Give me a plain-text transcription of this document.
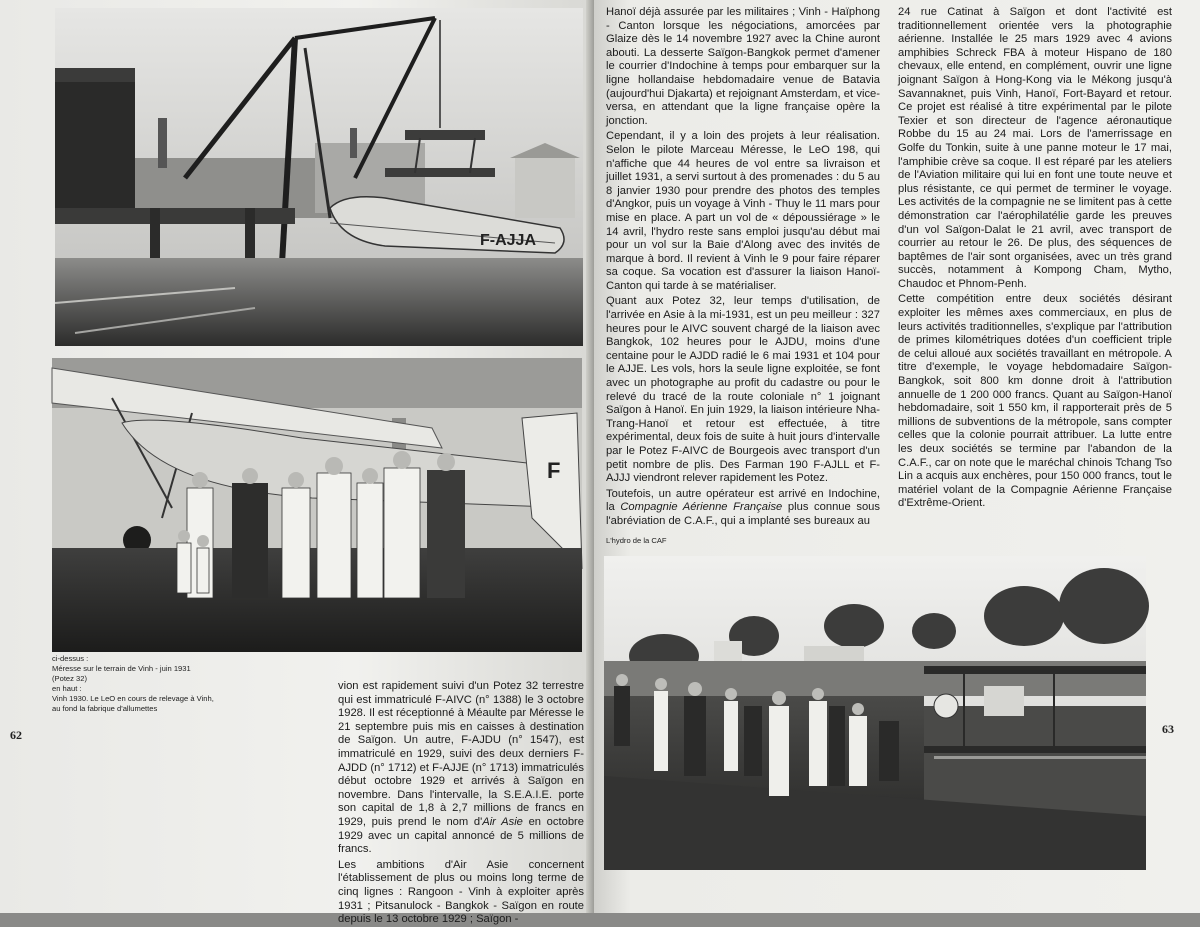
F-AJJA
F
ci-dessus :
Méresse sur le terrain de Vinh - juin 1931 (Potez 32)
en haut :
Vinh 1930. Le LeO en cours de relevage à Vinh,
au fond la fabrique d'allumettes
62

vion est rapidement suivi d'un Potez 32 terrestre qui est immatriculé F-AIVC (n° 1388) le 3 octobre 1928. Il est réceptionné à Méaulte par Méresse le 21 septembre puis mis en caisses à destination de Saïgon. Un autre, F-AJDU (n° 1547), est immatriculé en 1929, suivi des deux derniers F-AJDD (n° 1712) et F-AJJE (n° 1713) immatriculés début octobre 1929 et arrivés à Saïgon en novembre. Dans l'intervalle, la S.E.A.I.E. porte son capital de 1,8 à 2,7 millions de francs en 1929, puis prend le nom d'Air Asie en octobre 1929 avec un capital annoncé de 5 millions de francs.

Les ambitions d'Air Asie concernent l'établissement de plus ou moins long terme de cinq lignes : Rangoon - Vinh à exploiter après 1931 ; Pitsanulock - Bangkok - Saïgon en route depuis le 13 octobre 1929 ; Saïgon -

Hanoï déjà assurée par les militaires ; Vinh - Haïphong - Canton lorsque les négociations, amorcées par Glaize dès le 14 novembre 1927 avec la Chine auront abouti. La desserte Saïgon-Bangkok permet d'amener le courrier d'Indochine à temps pour embarquer sur la ligne hollandaise hebdomadaire venue de Batavia (aujourd'hui Djakarta) et rejoignant Amsterdam, et vice-versa, en attendant que la ligne française opère la jonction.

Cependant, il y a loin des projets à leur réalisation. Selon le pilote Marceau Méresse, le LeO 198, qui n'affiche que 44 heures de vol entre sa livraison et juillet 1931, a servi surtout à des promenades : du 5 au 8 janvier 1930 pour prendre des photos des temples d'Angkor, puis un voyage à Vinh - Thuy le 11 mars pour mise en place. A part un vol de « dépoussiérage » le 14 avril, l'hydro reste sans emploi jusqu'au début mai pour un vol sur la Baie d'Along avec des invités de marque à bord. Il revient à Vinh le 9 pour faire réparer sa coque. Sa vocation est d'assurer la liaison Hanoï-Canton qui tarde à se matérialiser.

Quant aux Potez 32, leur temps d'utilisation, de l'arrivée en Asie à la mi-1931, est un peu meilleur : 327 heures pour le AIVC souvent chargé de la liaison avec Bangkok, 102 heures pour le AJDU, moins d'une centaine pour le AJDD radié le 6 mai 1931 et 104 pour le AJJE. Les vols, hors la seule ligne exploitée, se font avec un photographe au profit du cadastre ou pour le relevé du tracé de la route coloniale n° 1 joignant Saïgon à Hanoï. En juin 1929, la liaison intérieure Nha-Trang-Hanoï et retour est effectuée, à titre expérimental, deux fois de suite à huit jours d'intervalle par le Potez F-AIVC de Bourgeois avec transport d'un petit nombre de plis. Des Farman 190 F-AJLL et F-AJJJ viendront relever rapidement les Potez.

Toutefois, un autre opérateur est arrivé en Indochine, la Compagnie Aérienne Française plus connue sous l'abréviation de C.A.F., qui a implanté ses bureaux au

24 rue Catinat à Saïgon et dont l'activité est traditionnellement orientée vers la photographie aérienne. Installée le 25 mars 1929 avec 4 avions amphibies Schreck FBA à moteur Hispano de 180 chevaux, elle entend, en complément, ouvrir une ligne joignant Saïgon à Hong-Kong via le Mékong jusqu'à Savannaknet, puis Vinh, Hanoï, Fort-Bayard et retour. Ce projet est réalisé à titre expérimental par le pilote Texier et son directeur de l'agence aéronautique Robbe du 15 au 24 mai. Lors de l'amerrissage en Golfe du Tonkin, suite à une panne moteur le 17 mai, l'amphibie crève sa coque. Il est réparé par les ateliers de l'Aviation militaire qui lui en font une toute neuve et plus résistante, ce qui permet de terminer le voyage. Les activités de la compagnie ne se limitent pas à cette démonstration car l'aérophilatélie garde les preuves d'un vol Saïgon-Dalat le 21 avril, avec transport de courrier au retour le 26. De plus, des séquences de baptêmes de l'air sont organisées, avec un très grand succès, notamment à Kompong Cham, Mytho, Chaudoc et Phnom-Penh.

Cette compétition entre deux sociétés désirant exploiter les mêmes axes commerciaux, en plus de leurs activités traditionnelles, s'explique par l'attribution de primes kilométriques dotées d'un coefficient triple de celui alloué aux sociétés travaillant en métropole. A titre d'exemple, le voyage hebdomadaire Saïgon-Bangkok, soit 800 km donne droit à l'attribution annuelle de 1 200 000 francs. Quant au Saïgon-Hanoï hebdomadaire, soit 1 550 km, il rapporterait près de 5 millions de subventions de la métropole, sans compter celles que la colonie pourrait attribuer. La lutte entre les deux sociétés se termine par l'abandon de la C.A.F., car on note que le maréchal chinois Tchang Tso Lin a acquis aux enchères, pour 150 000 francs, tout le matériel volant de la Compagnie Aérienne Française d'Extrême-Orient.

L'hydro de la CAF
63
